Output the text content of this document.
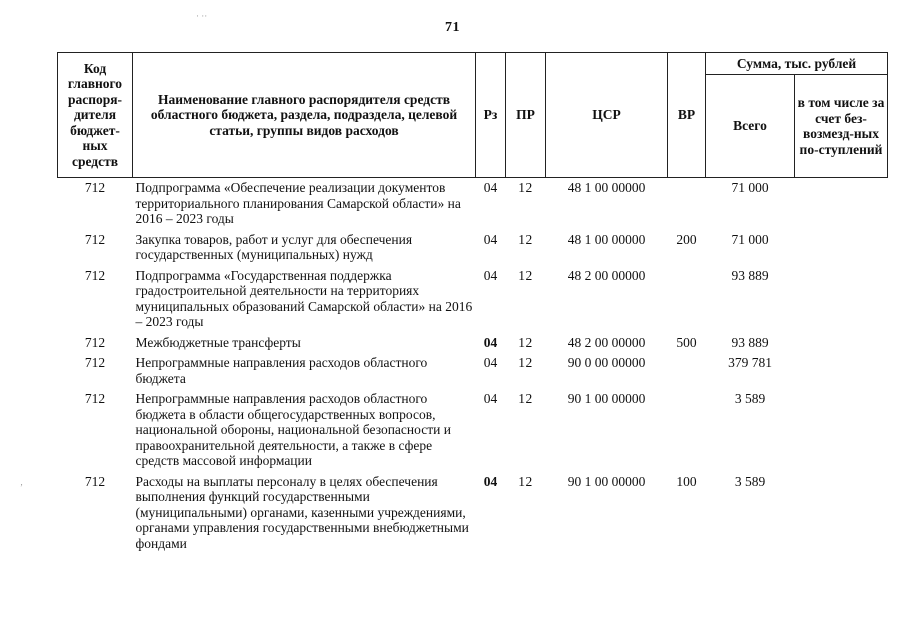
· ··
‚
71
Код главного распоря-дителя бюджет-ных средств	Наименование главного распорядителя средств областного бюджета, раздела, подраздела, целевой статьи, группы видов расходов	Рз	ПР	ЦСР	ВР	Сумма, тыс. рублей	
						Всего	в том числе за счет без-возмезд-ных по-ступлений
712	Подпрограмма «Обеспечение реализации документов территориального планирования Самарской области» на 2016 – 2023 годы	04	12	48 1 00 00000		71 000	
712	Закупка товаров, работ и услуг для обеспечения государственных (муниципальных) нужд	04	12	48 1 00 00000	200	71 000	
712	Подпрограмма «Государственная поддержка градостроительной деятельности на территориях муниципальных образований Самарской области» на 2016 – 2023 годы	04	12	48 2 00 00000		93 889	
712	Межбюджетные трансферты	04	12	48 2 00 00000	500	93 889	
712	Непрограммные направления расходов областного бюджета	04	12	90 0 00 00000		379 781	
712	Непрограммные направления расходов областного бюджета в области общегосударственных вопросов, национальной обороны, национальной безопасности и правоохранительной деятельности, а также в сфере средств массовой информации	04	12	90 1 00 00000		3 589	
712	Расходы на выплаты персоналу в целях обеспечения выполнения функций государственными (муниципальными) органами, казенными учреждениями, органами управления государственными внебюджетными фондами	04	12	90 1 00 00000	100	3 589	
